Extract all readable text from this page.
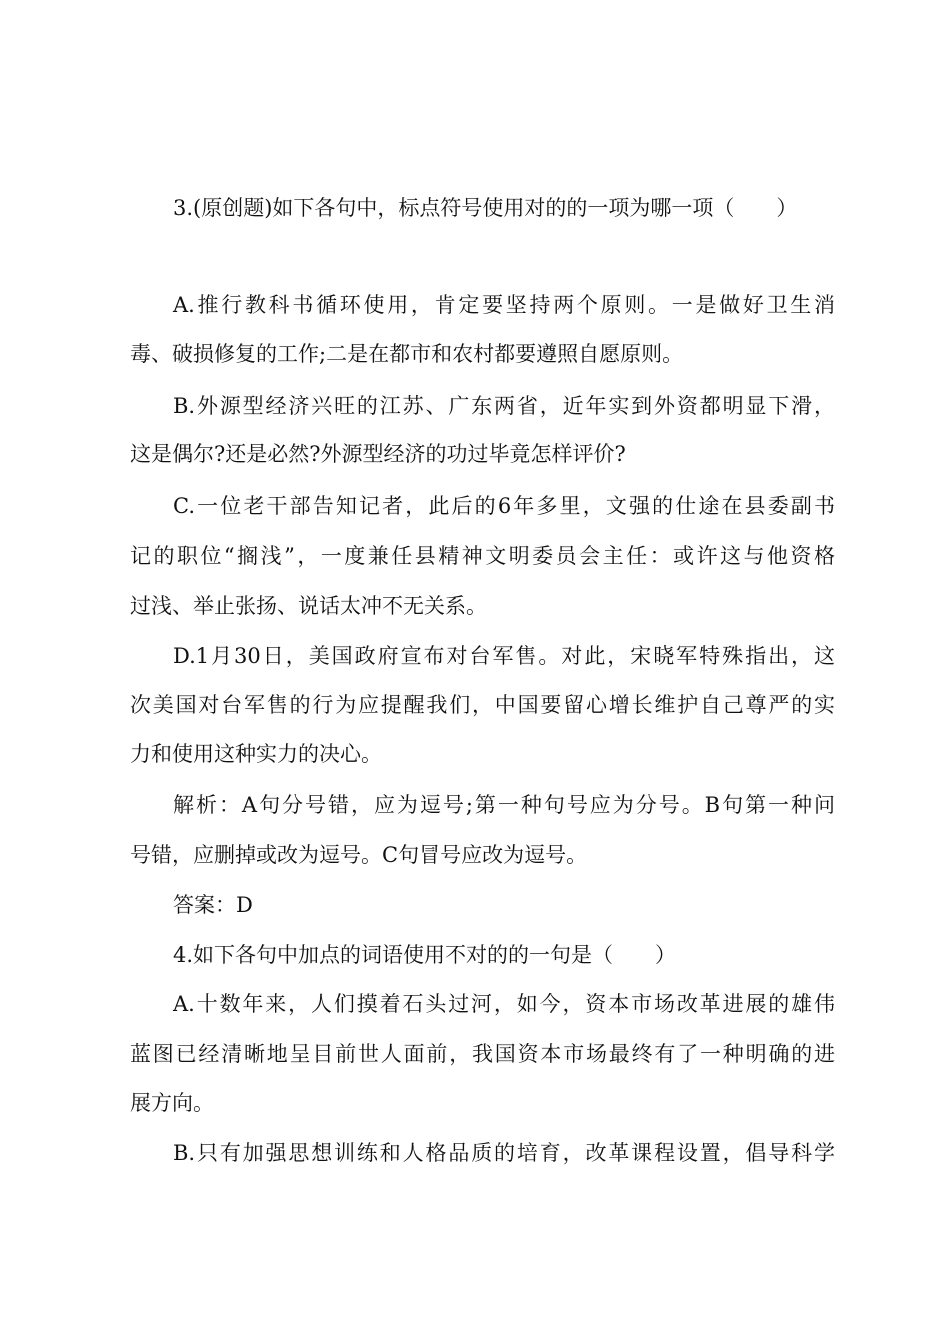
3.(原创题)如下各句中，标点符号使用对的的一项为哪一项（　　）
A.推行教科书循环使用，肯定要坚持两个原则。一是做好卫生消
毒、破损修复的工作;二是在都市和农村都要遵照自愿原则。
B.外源型经济兴旺的江苏、广东两省，近年实到外资都明显下滑，
这是偶尔?还是必然?外源型经济的功过毕竟怎样评价?
C.一位老干部告知记者，此后的6年多里，文强的仕途在县委副书
记的职位“搁浅”，一度兼任县精神文明委员会主任：或许这与他资格
过浅、举止张扬、说话太冲不无关系。
D.1月30日，美国政府宣布对台军售。对此，宋晓军特殊指出，这
次美国对台军售的行为应提醒我们，中国要留心增长维护自己尊严的实
力和使用这种实力的决心。
解析：A句分号错，应为逗号;第一种句号应为分号。B句第一种问
号错，应删掉或改为逗号。C句冒号应改为逗号。
答案：D
4.如下各句中加点的词语使用不对的的一句是（　　）
A.十数年来，人们摸着石头过河，如今，资本市场改革进展的雄伟
蓝图已经清晰地呈目前世人面前，我国资本市场最终有了一种明确的进
展方向。
B.只有加强思想训练和人格品质的培育，改革课程设置，倡导科学
